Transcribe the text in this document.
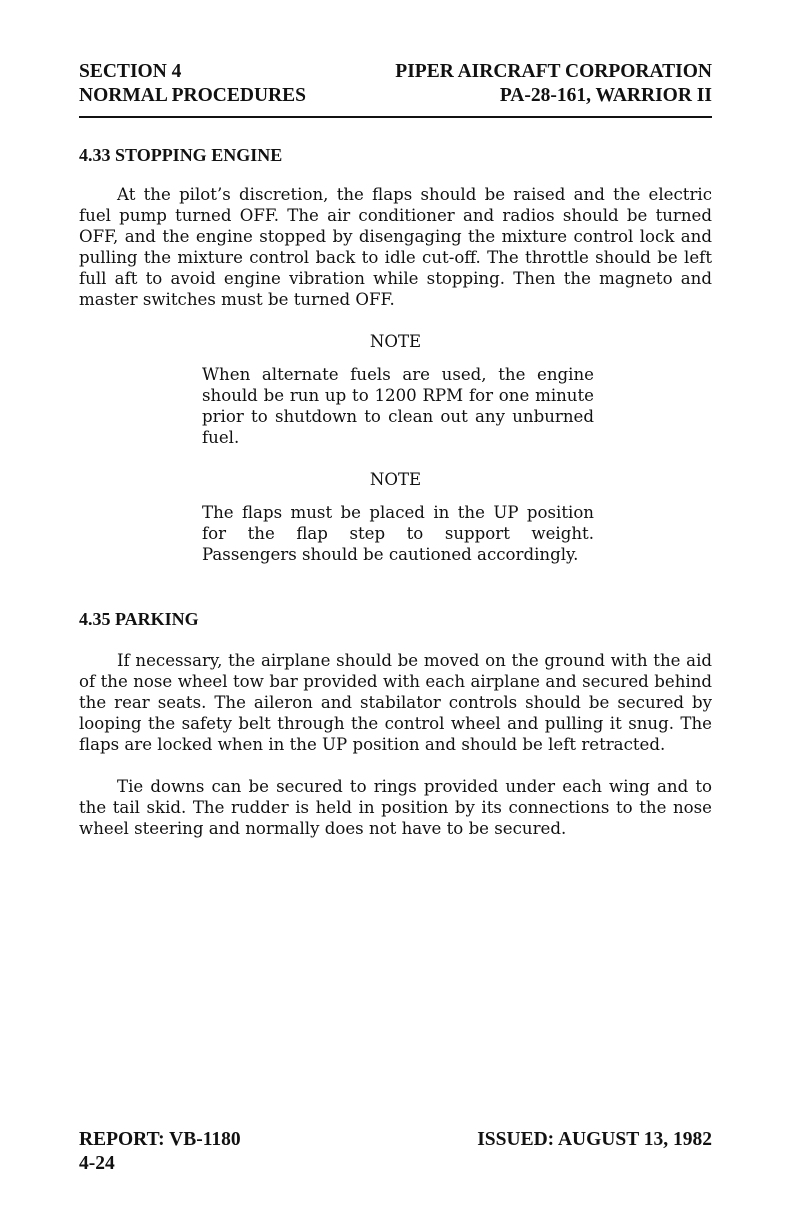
SECTION 4	PIPER AIRCRAFT CORPORATION
NORMAL PROCEDURES	PA-28-161, WARRIOR II
4.33 STOPPING ENGINE

At the pilot’s discretion, the flaps should be raised and the electric fuel pump turned OFF. The air conditioner and radios should be turned OFF, and the engine stopped by disengaging the mixture control lock and pulling the mixture control back to idle cut-off. The throttle should be left full aft to avoid engine vibration while stopping. Then the magneto and master switches must be turned OFF.

NOTE

When alternate fuels are used, the engine should be run up to 1200 RPM for one minute prior to shutdown to clean out any unburned fuel.

NOTE

The flaps must be placed in the UP position for the flap step to support weight. Passengers should be cautioned accordingly.
4.35 PARKING

If necessary, the airplane should be moved on the ground with the aid of the nose wheel tow bar provided with each airplane and secured behind the rear seats. The aileron and stabilator controls should be secured by looping the safety belt through the control wheel and pulling it snug. The flaps are locked when in the UP position and should be left retracted.

Tie downs can be secured to rings provided under each wing and to the tail skid. The rudder is held in position by its connections to the nose wheel steering and normally does not have to be secured.

REPORT: VB-1180	ISSUED: AUGUST 13, 1982
4-24
